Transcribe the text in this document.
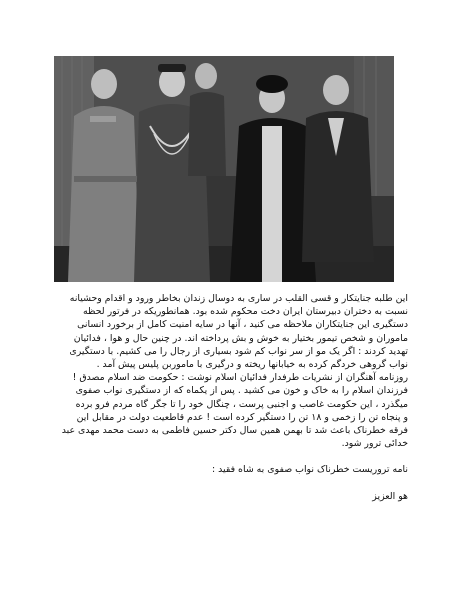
این طلبه جنایتکار و قسی القلب در ساری به دوسال زندان بخاطر ورود و اقدام وحشیانه
نسبت به دختران دبیرستان ایران دخت محکوم شده بود. همانطوریکه در فرتور لحظه
دستگیری این جنایتکاران ملاحظه می کنید ، آنها در سایه امنیت کامل از برخورد انسانی
ماموران و شخص تیمور بختیار به خوش و بش پرداخته اند. در چنین حال و هوا ، فدائیان
تهدید کردند : اگر یک مو از سر نواب کم شود بسیاری از رجال را می کشیم. با دستگیری
نواب گروهی خردگم کرده به خیابانها ریخته و درگیری با ماموربن پلیس پیش آمد .
روزنامه آهنگران از نشریات طرفدار فدائیان اسلام نوشت : حکومت ضد اسلام مصدق !
فرزندان اسلام را به خاک و خون می کشید . پس از یکماه که از دستگیری نواب صفوی
میگذرد ، این حکومت غاصب و اجنبی پرست ، چنگال خود را تا جگر گاه مردم فرو برده
و پنجاه تن را زخمی و ۱۸ تن را دستگیر کرده است ! عدم قاطعیت دولت در مقابل این
فرقه خطرناک باعث شد تا بهمن همین سال دکتر حسین فاطمی به دست محمد مهدی عبد
خدائی ترور شود.
نامه تروریست خطرناک نواب صفوی به شاه فقید :
هو العزیز
